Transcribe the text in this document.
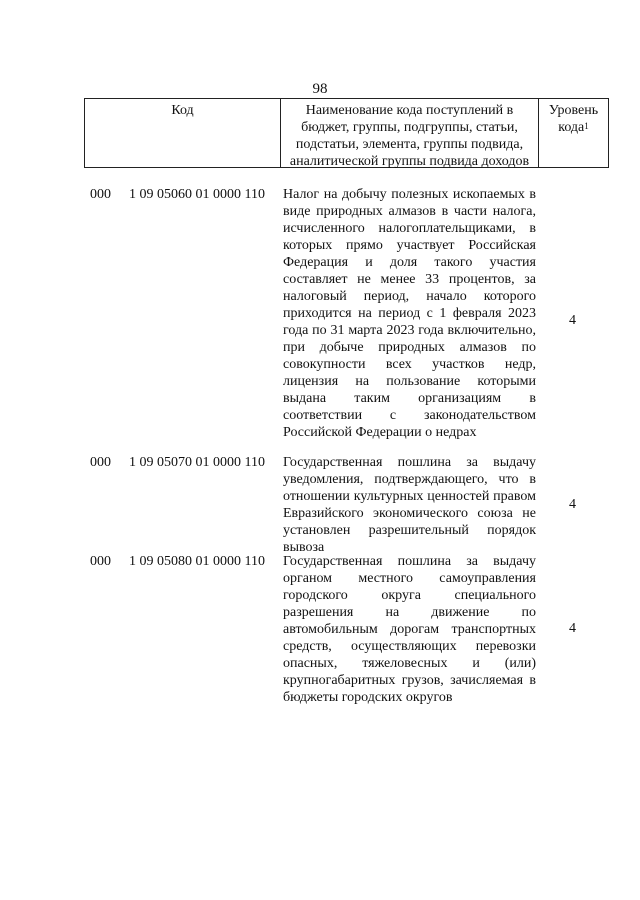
98
Код	Наименование кода поступлений в
бюджет, группы, подгруппы, статьи,
подстатьи, элемента, группы подвида,
аналитической группы подвида доходов
Уровень
кода$^1$
000 1 09 05060 01 0000 110 Налог на добычу полезных ископаемых в виде природных алмазов в части налога, исчисленного налогоплательщиками, в которых прямо участвует Российская Федерация и доля такого участия составляет не менее 33 процентов, за налоговый период, начало которого приходится на период с 1 февраля 2023 года по 31 марта 2023 года включительно, при добыче природных алмазов по совокупности всех участков недр, лицензия на пользование которыми выдана таким организациям в соответствии с законодательством Российской Федерации о недрах
4
000 1 09 05070 01 0000 110 Государственная пошлина за выдачу уведомления, подтверждающего, что в отношении культурных ценностей правом Евразийского экономического союза не установлен разрешительный порядок вывоза
4
000 1 09 05080 01 0000 110 Государственная пошлина за выдачу органом местного самоуправления городского округа специального разрешения на движение по автомобильным дорогам транспортных средств, осуществляющих перевозки опасных, тяжеловесных и (или) крупногабаритных грузов, зачисляемая в бюджеты городских округов
4
